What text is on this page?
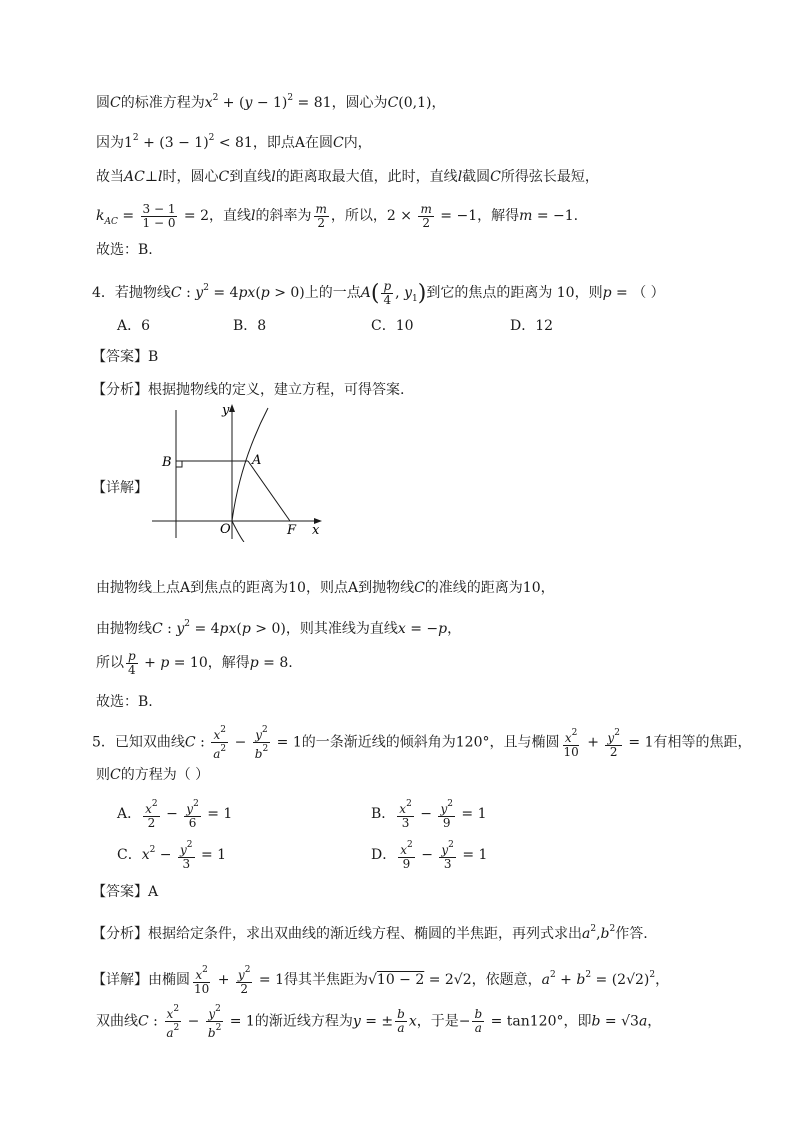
圆C的标准方程为$x^2 + (y - 1)^2 = 81$，圆心为C(0,1)，
因为$1^2 + (3 - 1)^2 < 81$，即点A在圆C内，
故当AC⊥l时，圆心C到直线l的距离取最大值，此时，直线l截圆C所得弦长最短，
$k_{AC} = \frac{3 - 1}{1 - 0} = 2$，直线l的斜率为 $\frac{m}{2}$ ，所以，$2 \times \frac{m}{2} = -1$，解得m = −1.
故选：B.
4．若抛物线C : $y^2 = 4px(p > 0)$上的一点$A( \frac{p}{4}$ , $y_1$)到它的焦点的距离为 10，则p = （ ）
A．6	B．8	C．10	D．12
【答案】B
【分析】根据抛物线的定义，建立方程，可得答案.
【详解】
y
x
B	A
O	F
由抛物线上点A到焦点的距离为10，则点A到抛物线C的准线的距离为10，
由抛物线C : $y^2 = 4px(p > 0)$，则其准线为直线x = −p，
所以 $\frac{p}{4} + p = 10$，解得p = 8.
故选：B.
5．已知双曲线C : $\frac{x^2}{a^2} - \frac{y^2}{b^2} = 1$的一条渐近线的倾斜角为120°，且与椭圆 $\frac{x^2}{10} + \frac{y^2}{2} = 1$有相等的焦距，
则C的方程为（ ）
A． $\frac{x^2}{2} - \frac{y^2}{6} = 1$	B． $\frac{x^2}{3} - \frac{y^2}{9} = 1$
C．$x^2 - \frac{y^2}{3} = 1$	D． $\frac{x^2}{9} - \frac{y^2}{3} = 1$
【答案】A
【分析】根据给定条件，求出双曲线的渐近线方程、椭圆的半焦距，再列式求出$a^2,b^2$作答.
【详解】由椭圆 $\frac{x^2}{10} + \frac{y^2}{2} = 1$得其半焦距为√10 − 2 = 2√2，依题意，$a^2 + b^2 = (2√2)^2$，
双曲线C : $\frac{x^2}{a^2} - \frac{y^2}{b^2} = 1$的渐近线方程为y = ± $\frac{b}{a}$ x，于是− $\frac{b}{a} = \tan 120^\circ$，即b = √3a，
